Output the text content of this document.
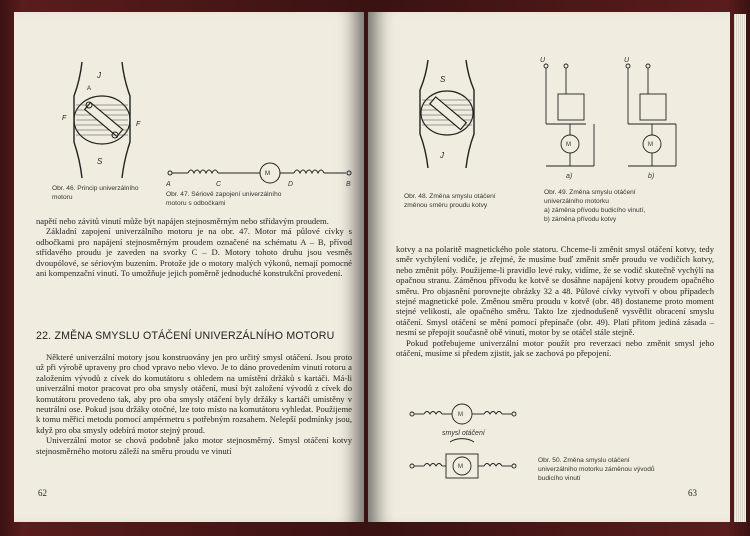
J
S
F
F
A
Obr. 46. Princip univerzálního
motoru
M
A	C	D	B
Obr. 47. Sériově zapojení univerzálního
motoru s odbočkami

napětí nebo závitů vinutí může být napájen stejnosměrným nebo střídavým proudem.

Základní zapojení univerzálního motoru je na obr. 47. Motor má půlové cívky s odbočkami pro napájení stejnosměrným proudem označené na schématu A – B, přívod střídavého proudu je zaveden na svorky C – D. Motory tohoto druhu jsou vesměs dvoupólové, se sériovým buzením. Protože jde o motory malých výkonů, nemají pomocné ani kompenzační vinutí. To umožňuje jejich poměrně jednoduché konstrukční provedení.

22. ZMĚNA SMYSLU OTÁČENÍ UNIVERZÁLNÍHO MOTORU

Některé univerzální motory jsou konstruovány jen pro určitý smysl otáčení. Jsou proto už při výrobě upraveny pro chod vpravo nebo vlevo. Je to dáno provedením vinutí rotoru a založením vývodů z cívek do komutátoru s ohledem na umístění držáků s kartáči. Má-li univerzální motor pracovat pro oba smysly otáčení, musí být založení vývodů z cívek do komutátoru provedeno tak, aby pro oba smysly otáčení byly držáky s kartáči umístěny v neutrální ose. Pokud jsou držáky otočné, lze toto místo na komutátoru vyhledat. Použijeme k tomu měřicí metodu pomocí ampérmetru s potřebným rozsahem. Nelepší podmínky jsou, když pro oba smysly odebírá motor stejný proud.

Univerzální motor se chová podobně jako motor stejnosměrný. Smysl otáčení kotvy stejnosměrného motoru záleží na směru proudu ve vinutí

62
S
J
Obr. 48. Změna smyslu otáčení
změnou směru proudu kotvy
U	U
M	M
a)	b)
Obr. 49. Změna smyslu otáčení
univerzálního motorku
a) záměna přívodu budicího vinutí,
b) záměna přívodu kotvy

kotvy a na polaritě magnetického pole statoru. Chceme-li změnit smysl otáčení kotvy, tedy směr vychýlení vodiče, je zřejmé, že musíme buď změnit směr proudu ve vodičích kotvy, nebo změnit póly. Použijeme-li pravidlo levé ruky, vidíme, že se vodič skutečně vychýlí na opačnou stranu. Záměnou přívodu ke kotvě se dosáhne napájení kotvy proudem opačného směru. Pro objasnění porovnejte obrázky 32 a 48. Půlové cívky vytvoří v obou případech stejné magnetické pole. Změnou směru proudu v kotvě (obr. 48) dostaneme proto moment stejné velikosti, ale opačného směru. Takto lze zjednodušeně vysvětlit obracení smyslu otáčení. Smysl otáčení se mění pomocí přepínače (obr. 49). Platí přitom jediná zásada – nesmí se přepojit současně obě vinutí, motor by se otáčel stále stejně.

Pokud potřebujeme univerzální motor použít pro reverzaci nebo změnit smysl jeho otáčení, musíme si předem zjistit, jak se zachová po přepojení.

M
M
smysl otáčení
Obr. 50. Změna smyslu otáčení
univerzálního motorku záměnou vývodů
budicího vinutí
63
